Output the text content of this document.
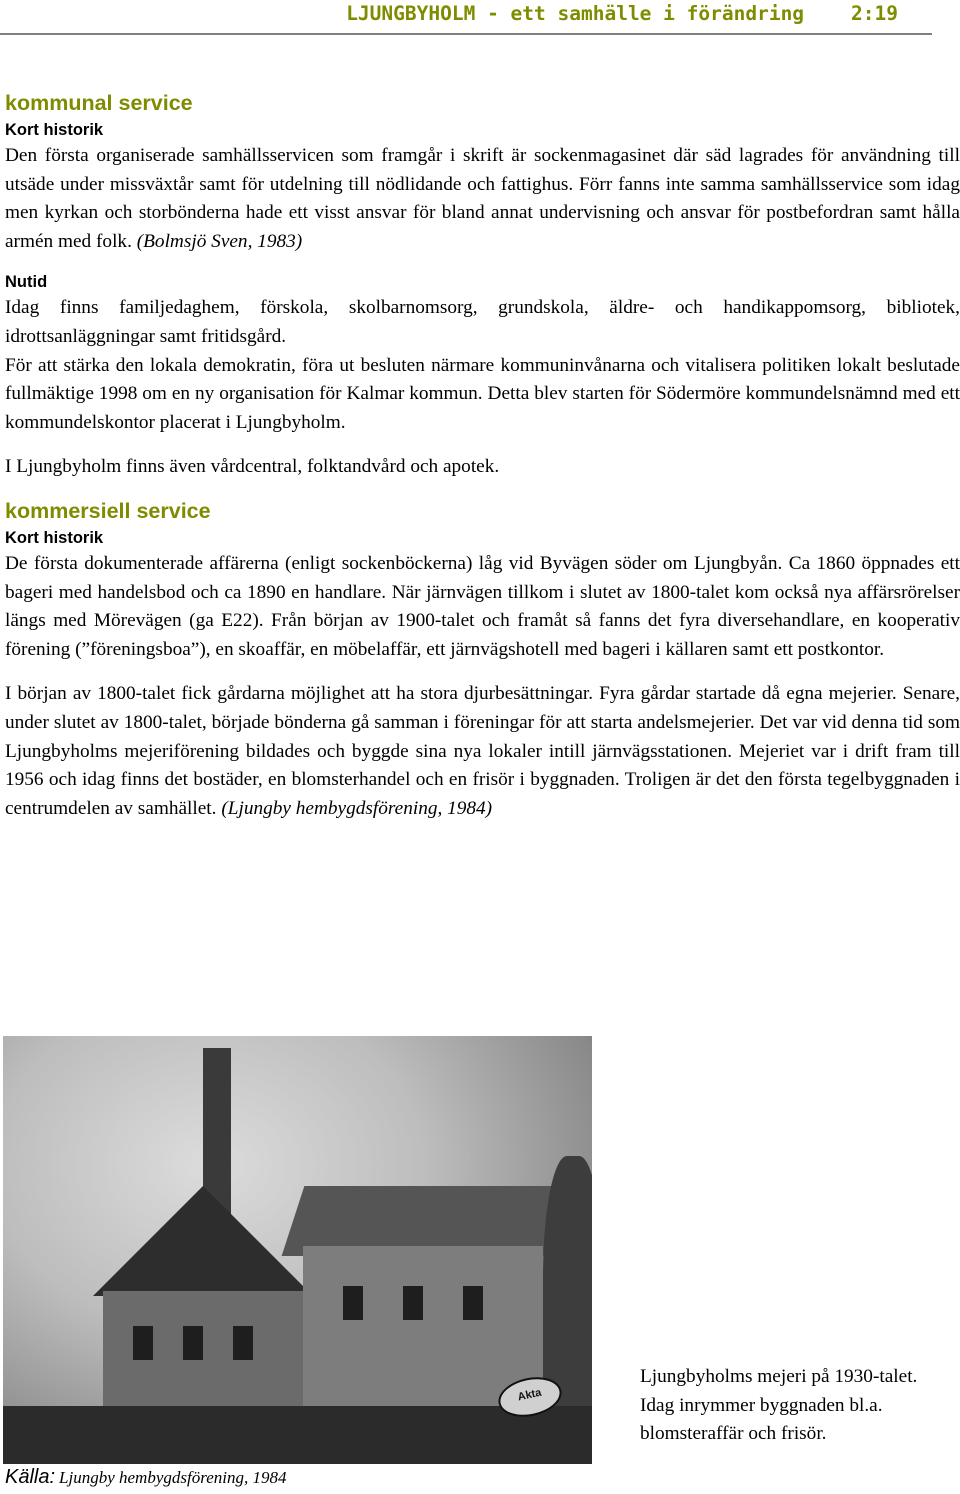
LJUNGBYHOLM - ett samhälle i förändring 2:19
kommunal service
Kort historik

Den första organiserade samhällsservicen som framgår i skrift är sockenmagasinet där säd lagrades för användning till utsäde under missväxtår samt för utdelning till nödlidande och fattighus. Förr fanns inte samma samhällsservice som idag men kyrkan och storbönderna hade ett visst ansvar för bland annat undervisning och ansvar för postbefordran samt hålla armén med folk. (Bolmsjö Sven, 1983)

Nutid

Idag finns familjedaghem, förskola, skolbarnomsorg, grundskola, äldre- och handikappomsorg, bibliotek, idrottsanläggningar samt fritidsgård.

För att stärka den lokala demokratin, föra ut besluten närmare kommuninvånarna och vitalisera politiken lokalt beslutade fullmäktige 1998 om en ny organisation för Kalmar kommun. Detta blev starten för Södermöre kommundelsnämnd med ett kommundelskontor placerat i Ljungbyholm.

I Ljungbyholm finns även vårdcentral, folktandvård och apotek.

kommersiell service
Kort historik

De första dokumenterade affärerna (enligt sockenböckerna) låg vid Byvägen söder om Ljungbyån. Ca 1860 öppnades ett bageri med handelsbod och ca 1890 en handlare. När järnvägen tillkom i slutet av 1800-talet kom också nya affärsrörelser längs med Mörevägen (ga E22). Från början av 1900-talet och framåt så fanns det fyra diversehandlare, en kooperativ förening (”föreningsboa”), en skoaffär, en möbelaffär, ett järnvägshotell med bageri i källaren samt ett postkontor.

I början av 1800-talet fick gårdarna möjlighet att ha stora djurbesättningar. Fyra gårdar startade då egna mejerier. Senare, under slutet av 1800-talet, började bönderna gå samman i föreningar för att starta andelsmejerier. Det var vid denna tid som Ljungbyholms mejeriförening bildades och byggde sina nya lokaler intill järnvägsstationen. Mejeriet var i drift fram till 1956 och idag finns det bostäder, en blomsterhandel och en frisör i byggnaden. Troligen är det den första tegelbyggnaden i centrumdelen av samhället. (Ljungby hembygdsförening, 1984)

Akta
Ljungbyholms mejeri på 1930-talet. Idag inrymmer byggnaden bl.a. blomsteraffär och frisör.
Källa: Ljungby hembygdsförening, 1984
